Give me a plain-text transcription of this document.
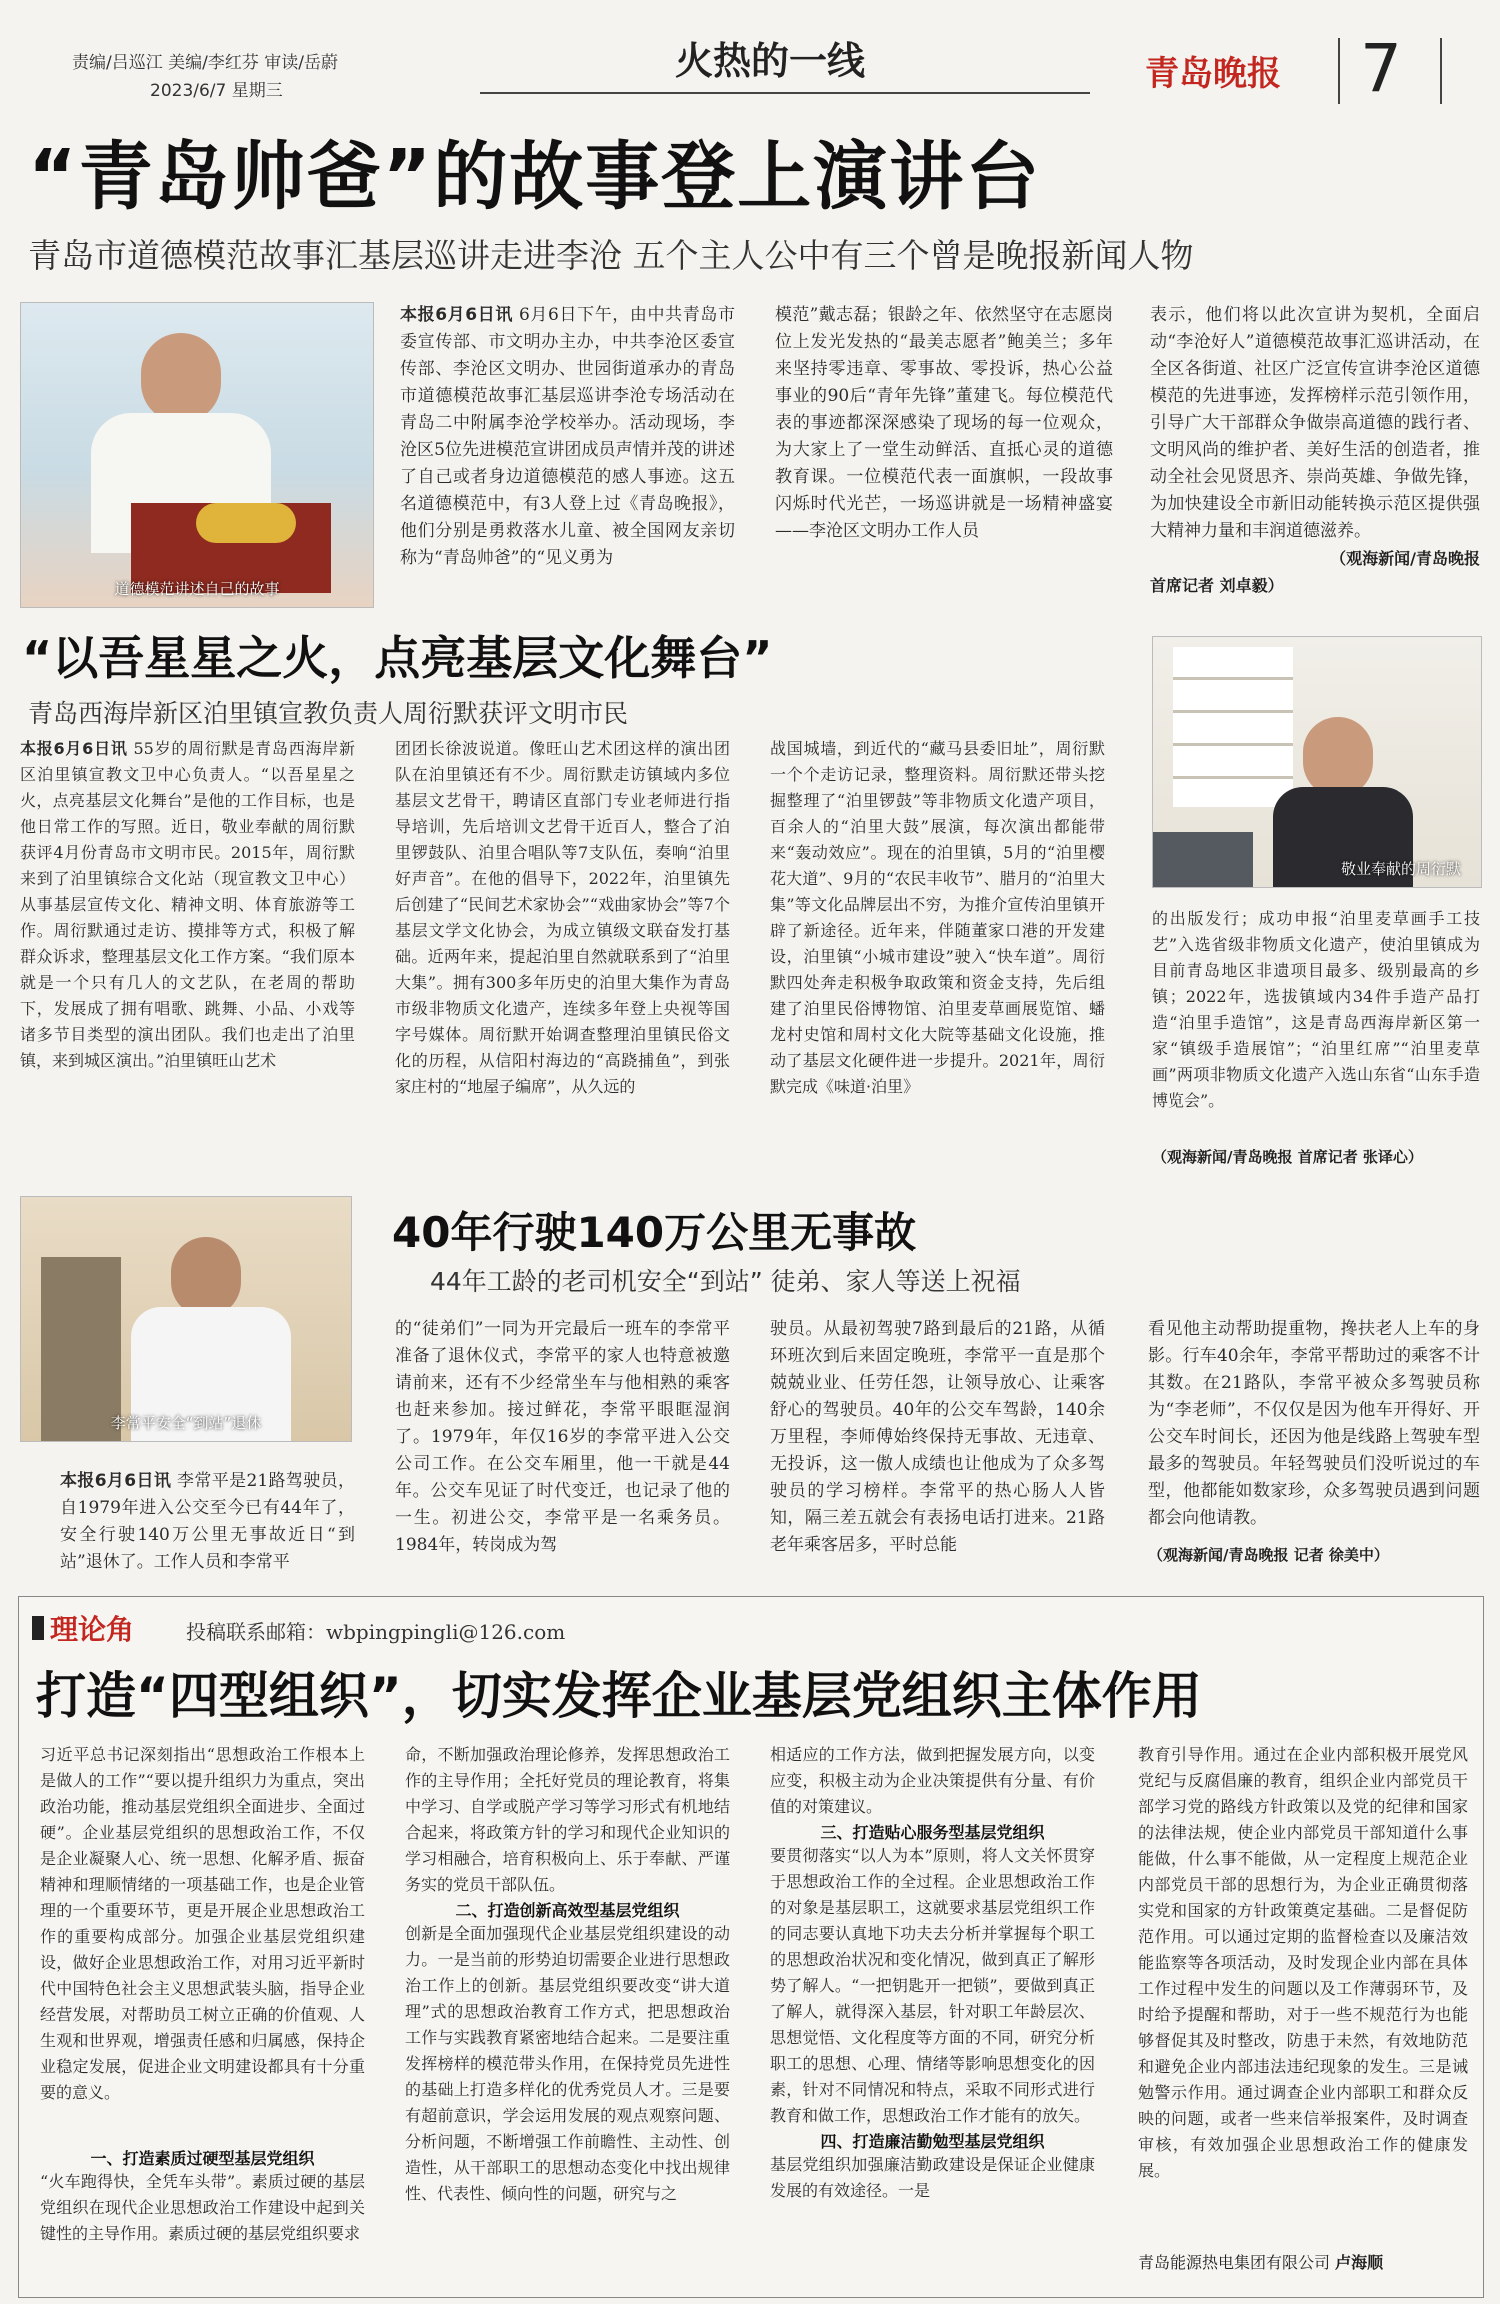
责编/吕巡江 美编/李红芬 审读/岳蔚
2023/6/7 星期三
火热的一线	青岛晚报 7
“青岛帅爸”的故事登上演讲台
青岛市道德模范故事汇基层巡讲走进李沧 五个主人公中有三个曾是晚报新闻人物
道德模范讲述自己的故事
本报6月6日讯 6月6日下午，由中共青岛市委宣传部、市文明办主办，中共李沧区委宣传部、李沧区文明办、世园街道承办的青岛市道德模范故事汇基层巡讲李沧专场活动在青岛二中附属李沧学校举办。活动现场，李沧区5位先进模范宣讲团成员声情并茂的讲述了自己或者身边道德模范的感人事迹。这五名道德模范中，有3人登上过《青岛晚报》，他们分别是勇救落水儿童、被全国网友亲切称为“青岛帅爸”的“见义勇为
模范”戴志磊；银龄之年、依然坚守在志愿岗位上发光发热的“最美志愿者”鲍美兰；多年来坚持零违章、零事故、零投诉，热心公益事业的90后“青年先锋”董建飞。每位模范代表的事迹都深深感染了现场的每一位观众，为大家上了一堂生动鲜活、直抵心灵的道德教育课。一位模范代表一面旗帜，一段故事闪烁时代光芒，一场巡讲就是一场精神盛宴——李沧区文明办工作人员
表示，他们将以此次宣讲为契机，全面启动“李沧好人”道德模范故事汇巡讲活动，在全区各街道、社区广泛宣传宣讲李沧区道德模范的先进事迹，发挥榜样示范引领作用，引导广大干部群众争做崇高道德的践行者、文明风尚的维护者、美好生活的创造者，推动全社会见贤思齐、崇尚英雄、争做先锋，为加快建设全市新旧动能转换示范区提供强大精神力量和丰润道德滋养。
（观海新闻/青岛晚报
首席记者 刘卓毅）
“以吾星星之火，点亮基层文化舞台”
青岛西海岸新区泊里镇宣教负责人周衍默获评文明市民
本报6月6日讯 55岁的周衍默是青岛西海岸新区泊里镇宣教文卫中心负责人。“以吾星星之火，点亮基层文化舞台”是他的工作目标，也是他日常工作的写照。近日，敬业奉献的周衍默获评4月份青岛市文明市民。2015年，周衍默来到了泊里镇综合文化站（现宣教文卫中心）从事基层宣传文化、精神文明、体育旅游等工作。周衍默通过走访、摸排等方式，积极了解群众诉求，整理基层文化工作方案。“我们原本就是一个只有几人的文艺队，在老周的帮助下，发展成了拥有唱歌、跳舞、小品、小戏等诸多节目类型的演出团队。我们也走出了泊里镇，来到城区演出。”泊里镇旺山艺术
团团长徐波说道。像旺山艺术团这样的演出团队在泊里镇还有不少。周衍默走访镇域内多位基层文艺骨干，聘请区直部门专业老师进行指导培训，先后培训文艺骨干近百人，整合了泊里锣鼓队、泊里合唱队等7支队伍，奏响“泊里好声音”。在他的倡导下，2022年，泊里镇先后创建了“民间艺术家协会”“戏曲家协会”等7个基层文学文化协会，为成立镇级文联奋发打基础。近两年来，提起泊里自然就联系到了“泊里大集”。拥有300多年历史的泊里大集作为青岛市级非物质文化遗产，连续多年登上央视等国字号媒体。周衍默开始调查整理泊里镇民俗文化的历程，从信阳村海边的“高跷捕鱼”，到张家庄村的“地屋子编席”，从久远的
战国城墙，到近代的“藏马县委旧址”，周衍默一个个走访记录，整理资料。周衍默还带头挖掘整理了“泊里锣鼓”等非物质文化遗产项目，百余人的“泊里大鼓”展演，每次演出都能带来“轰动效应”。现在的泊里镇，5月的“泊里樱花大道”、9月的“农民丰收节”、腊月的“泊里大集”等文化品牌层出不穷，为推介宣传泊里镇开辟了新途径。近年来，伴随董家口港的开发建设，泊里镇“小城市建设”驶入“快车道”。周衍默四处奔走积极争取政策和资金支持，先后组建了泊里民俗博物馆、泊里麦草画展览馆、蟠龙村史馆和周村文化大院等基础文化设施，推动了基层文化硬件进一步提升。2021年，周衍默完成《味道·泊里》
敬业奉献的周衍默
的出版发行；成功申报“泊里麦草画手工技艺”入选省级非物质文化遗产，使泊里镇成为目前青岛地区非遗项目最多、级别最高的乡镇；2022年，选拔镇域内34件手造产品打造“泊里手造馆”，这是青岛西海岸新区第一家“镇级手造展馆”；“泊里红席”“泊里麦草画”两项非物质文化遗产入选山东省“山东手造博览会”。
（观海新闻/青岛晚报 首席记者 张译心）
李常平安全“到站”退休
40年行驶140万公里无事故
44年工龄的老司机安全“到站” 徒弟、家人等送上祝福
本报6月6日讯 李常平是21路驾驶员，自1979年进入公交至今已有44年了，安全行驶140万公里无事故近日“到站”退休了。工作人员和李常平
的“徒弟们”一同为开完最后一班车的李常平准备了退休仪式，李常平的家人也特意被邀请前来，还有不少经常坐车与他相熟的乘客也赶来参加。接过鲜花，李常平眼眶湿润了。1979年，年仅16岁的李常平进入公交公司工作。在公交车厢里，他一干就是44年。公交车见证了时代变迁，也记录了他的一生。初进公交，李常平是一名乘务员。1984年，转岗成为驾
驶员。从最初驾驶7路到最后的21路，从循环班次到后来固定晚班，李常平一直是那个兢兢业业、任劳任怨，让领导放心、让乘客舒心的驾驶员。40年的公交车驾龄，140余万里程，李师傅始终保持无事故、无违章、无投诉，这一傲人成绩也让他成为了众多驾驶员的学习榜样。李常平的热心肠人人皆知，隔三差五就会有表扬电话打进来。21路老年乘客居多，平时总能
看见他主动帮助提重物，搀扶老人上车的身影。行车40余年，李常平帮助过的乘客不计其数。在21路队，李常平被众多驾驶员称为“李老师”，不仅仅是因为他车开得好、开公交车时间长，还因为他是线路上驾驶车型最多的驾驶员。年轻驾驶员们没听说过的车型，他都能如数家珍，众多驾驶员遇到问题都会向他请教。
（观海新闻/青岛晚报 记者 徐美中）
理论角	投稿联系邮箱：wbpingpingli@126.com
打造“四型组织”，切实发挥企业基层党组织主体作用
习近平总书记深刻指出“思想政治工作根本上是做人的工作”“要以提升组织力为重点，突出政治功能，推动基层党组织全面进步、全面过硬”。企业基层党组织的思想政治工作，不仅是企业凝聚人心、统一思想、化解矛盾、振奋精神和理顺情绪的一项基础工作，也是企业管理的一个重要环节，更是开展企业思想政治工作的重要构成部分。加强企业基层党组织建设，做好企业思想政治工作，对用习近平新时代中国特色社会主义思想武装头脑，指导企业经营发展，对帮助员工树立正确的价值观、人生观和世界观，增强责任感和归属感，保持企业稳定发展，促进企业文明建设都具有十分重要的意义。
一、打造素质过硬型基层党组织
“火车跑得快，全凭车头带”。素质过硬的基层党组织在现代企业思想政治工作建设中起到关键性的主导作用。素质过硬的基层党组织要求
命，不断加强政治理论修养，发挥思想政治工作的主导作用；全托好党员的理论教育，将集中学习、自学或脱产学习等学习形式有机地结合起来，将政策方针的学习和现代企业知识的学习相融合，培育积极向上、乐于奉献、严谨务实的党员干部队伍。
二、打造创新高效型基层党组织
创新是全面加强现代企业基层党组织建设的动力。一是当前的形势迫切需要企业进行思想政治工作上的创新。基层党组织要改变“讲大道理”式的思想政治教育工作方式，把思想政治工作与实践教育紧密地结合起来。二是要注重发挥榜样的模范带头作用，在保持党员先进性的基础上打造多样化的优秀党员人才。三是要有超前意识，学会运用发展的观点观察问题、分析问题，不断增强工作前瞻性、主动性、创造性，从干部职工的思想动态变化中找出规律性、代表性、倾向性的问题，研究与之
相适应的工作方法，做到把握发展方向，以变应变，积极主动为企业决策提供有分量、有价值的对策建议。
三、打造贴心服务型基层党组织
要贯彻落实“以人为本”原则，将人文关怀贯穿于思想政治工作的全过程。企业思想政治工作的对象是基层职工，这就要求基层党组织工作的同志要认真地下功夫去分析并掌握每个职工的思想政治状况和变化情况，做到真正了解形势了解人。“一把钥匙开一把锁”，要做到真正了解人，就得深入基层，针对职工年龄层次、思想觉悟、文化程度等方面的不同，研究分析职工的思想、心理、情绪等影响思想变化的因素，针对不同情况和特点，采取不同形式进行教育和做工作，思想政治工作才能有的放矢。
四、打造廉洁勤勉型基层党组织
基层党组织加强廉洁勤政建设是保证企业健康发展的有效途径。一是
教育引导作用。通过在企业内部积极开展党风党纪与反腐倡廉的教育，组织企业内部党员干部学习党的路线方针政策以及党的纪律和国家的法律法规，使企业内部党员干部知道什么事能做，什么事不能做，从一定程度上规范企业内部党员干部的思想行为，为企业正确贯彻落实党和国家的方针政策奠定基础。二是督促防范作用。可以通过定期的监督检查以及廉洁效能监察等各项活动，及时发现企业内部在具体工作过程中发生的问题以及工作薄弱环节，及时给予提醒和帮助，对于一些不规范行为也能够督促其及时整改，防患于未然，有效地防范和避免企业内部违法违纪现象的发生。三是诫勉警示作用。通过调查企业内部职工和群众反映的问题，或者一些来信举报案件，及时调查审核，有效加强企业思想政治工作的健康发展。
青岛能源热电集团有限公司 卢海顺
